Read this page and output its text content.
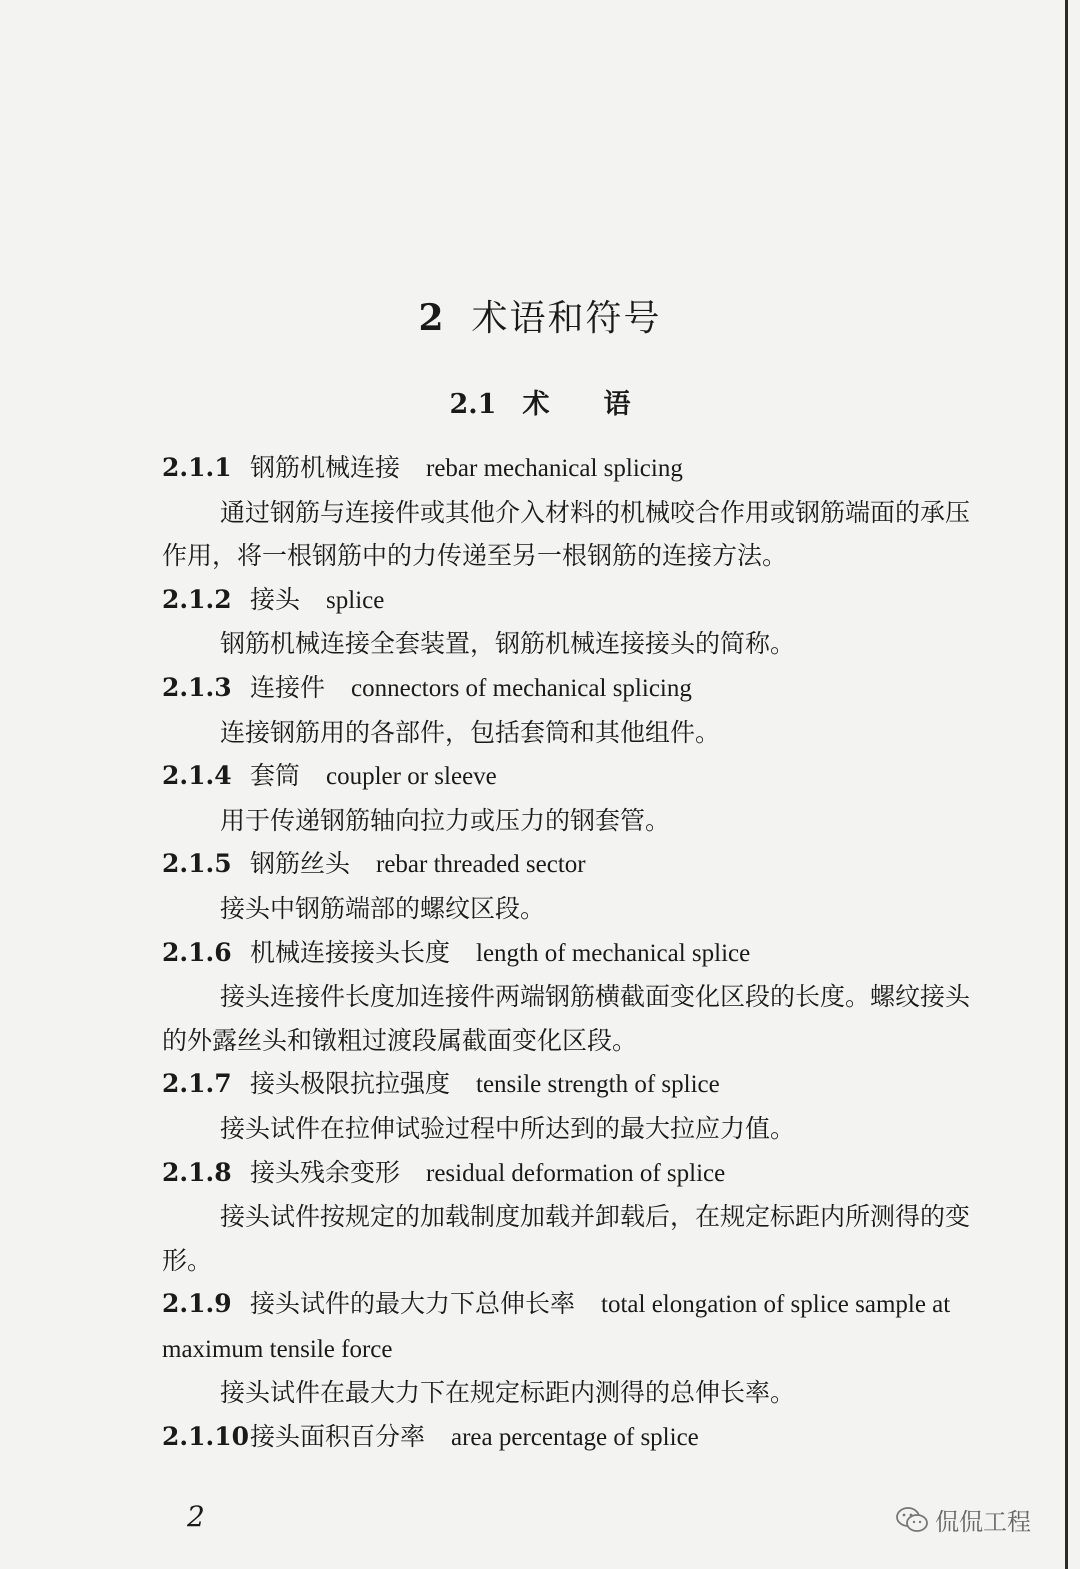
2 术语和符号
2.1 术语
2.1.1 钢筋机械连接 rebar mechanical splicing
通过钢筋与连接件或其他介入材料的机械咬合作用或钢筋端面的承压作用，将一根钢筋中的力传递至另一根钢筋的连接方法。
2.1.2 接头 splice
钢筋机械连接全套装置，钢筋机械连接接头的简称。
2.1.3 连接件 connectors of mechanical splicing
连接钢筋用的各部件，包括套筒和其他组件。
2.1.4 套筒 coupler or sleeve
用于传递钢筋轴向拉力或压力的钢套管。
2.1.5 钢筋丝头 rebar threaded sector
接头中钢筋端部的螺纹区段。
2.1.6 机械连接接头长度 length of mechanical splice
接头连接件长度加连接件两端钢筋横截面变化区段的长度。螺纹接头的外露丝头和镦粗过渡段属截面变化区段。
2.1.7 接头极限抗拉强度 tensile strength of splice
接头试件在拉伸试验过程中所达到的最大拉应力值。
2.1.8 接头残余变形 residual deformation of splice
接头试件按规定的加载制度加载并卸载后，在规定标距内所测得的变形。
2.1.9 接头试件的最大力下总伸长率 total elongation of splice sample at maximum tensile force
接头试件在最大力下在规定标距内测得的总伸长率。
2.1.10接头面积百分率 area percentage of splice
2	侃侃工程
